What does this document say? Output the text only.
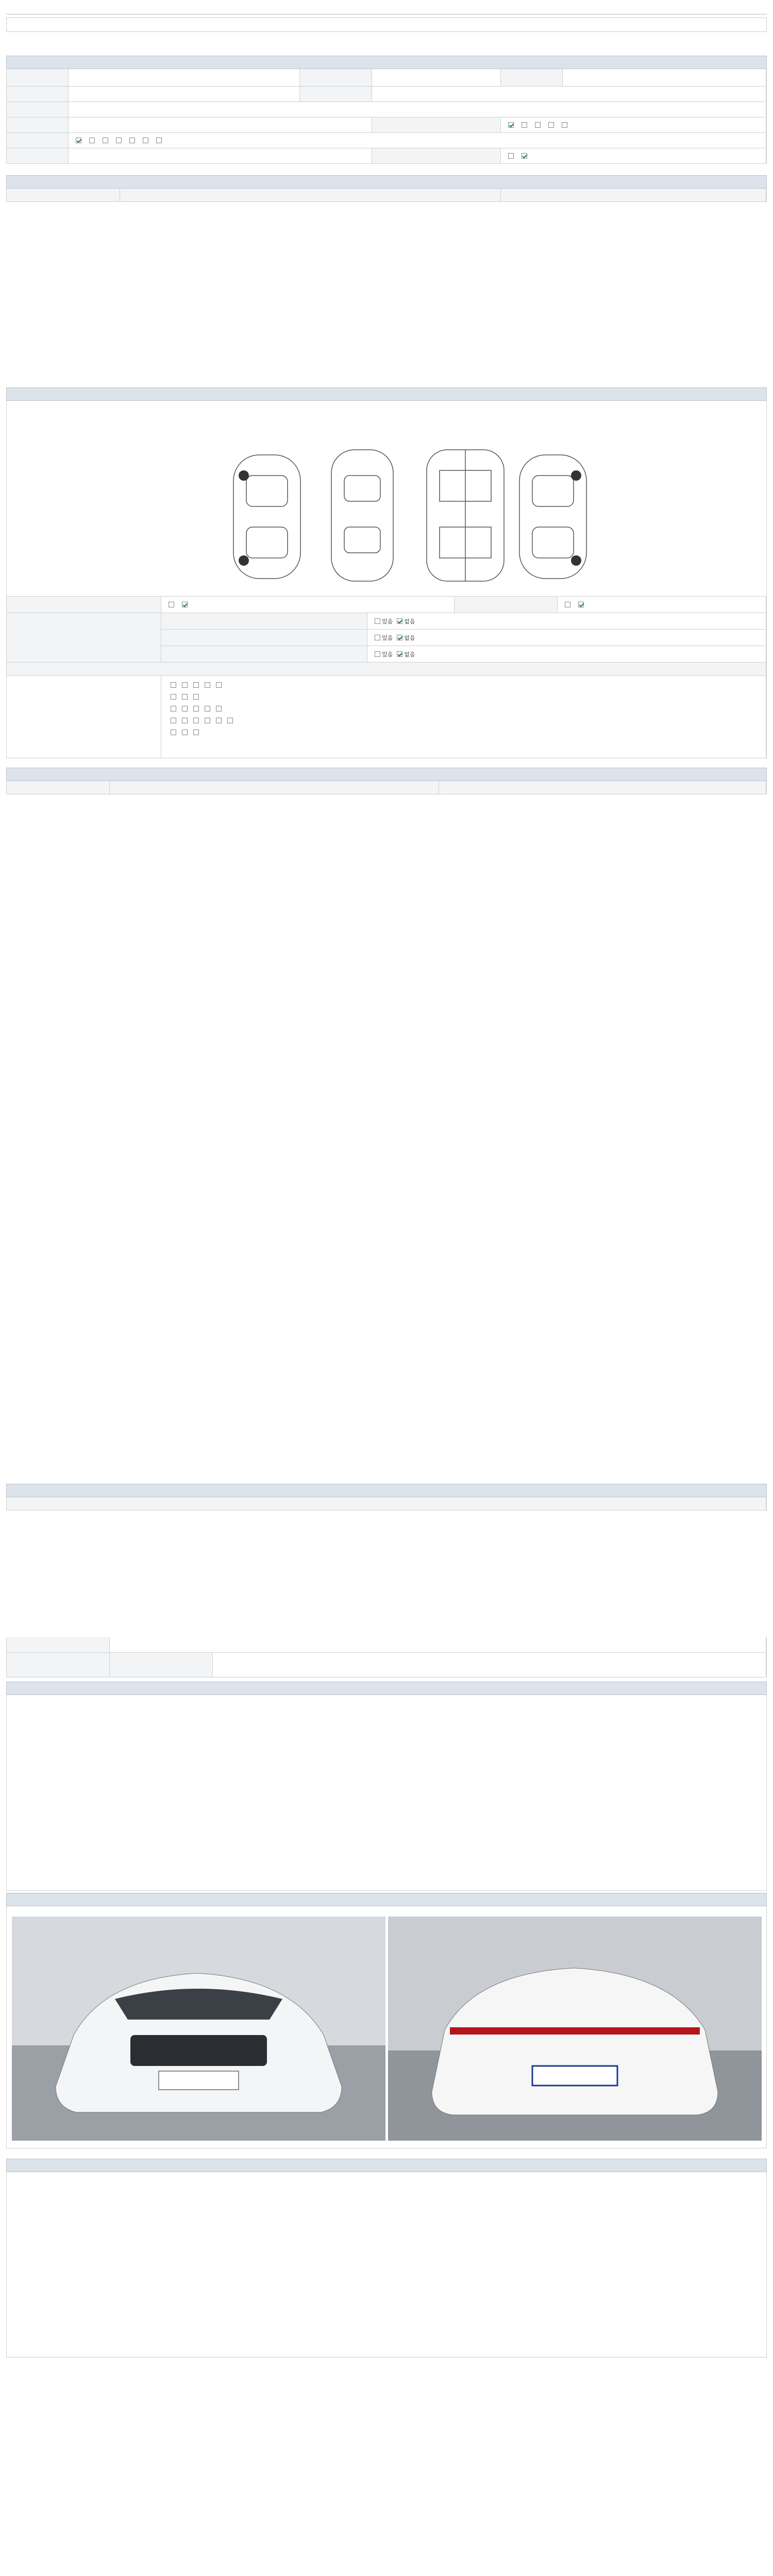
있음 없음
있음 없음
있음 없음
